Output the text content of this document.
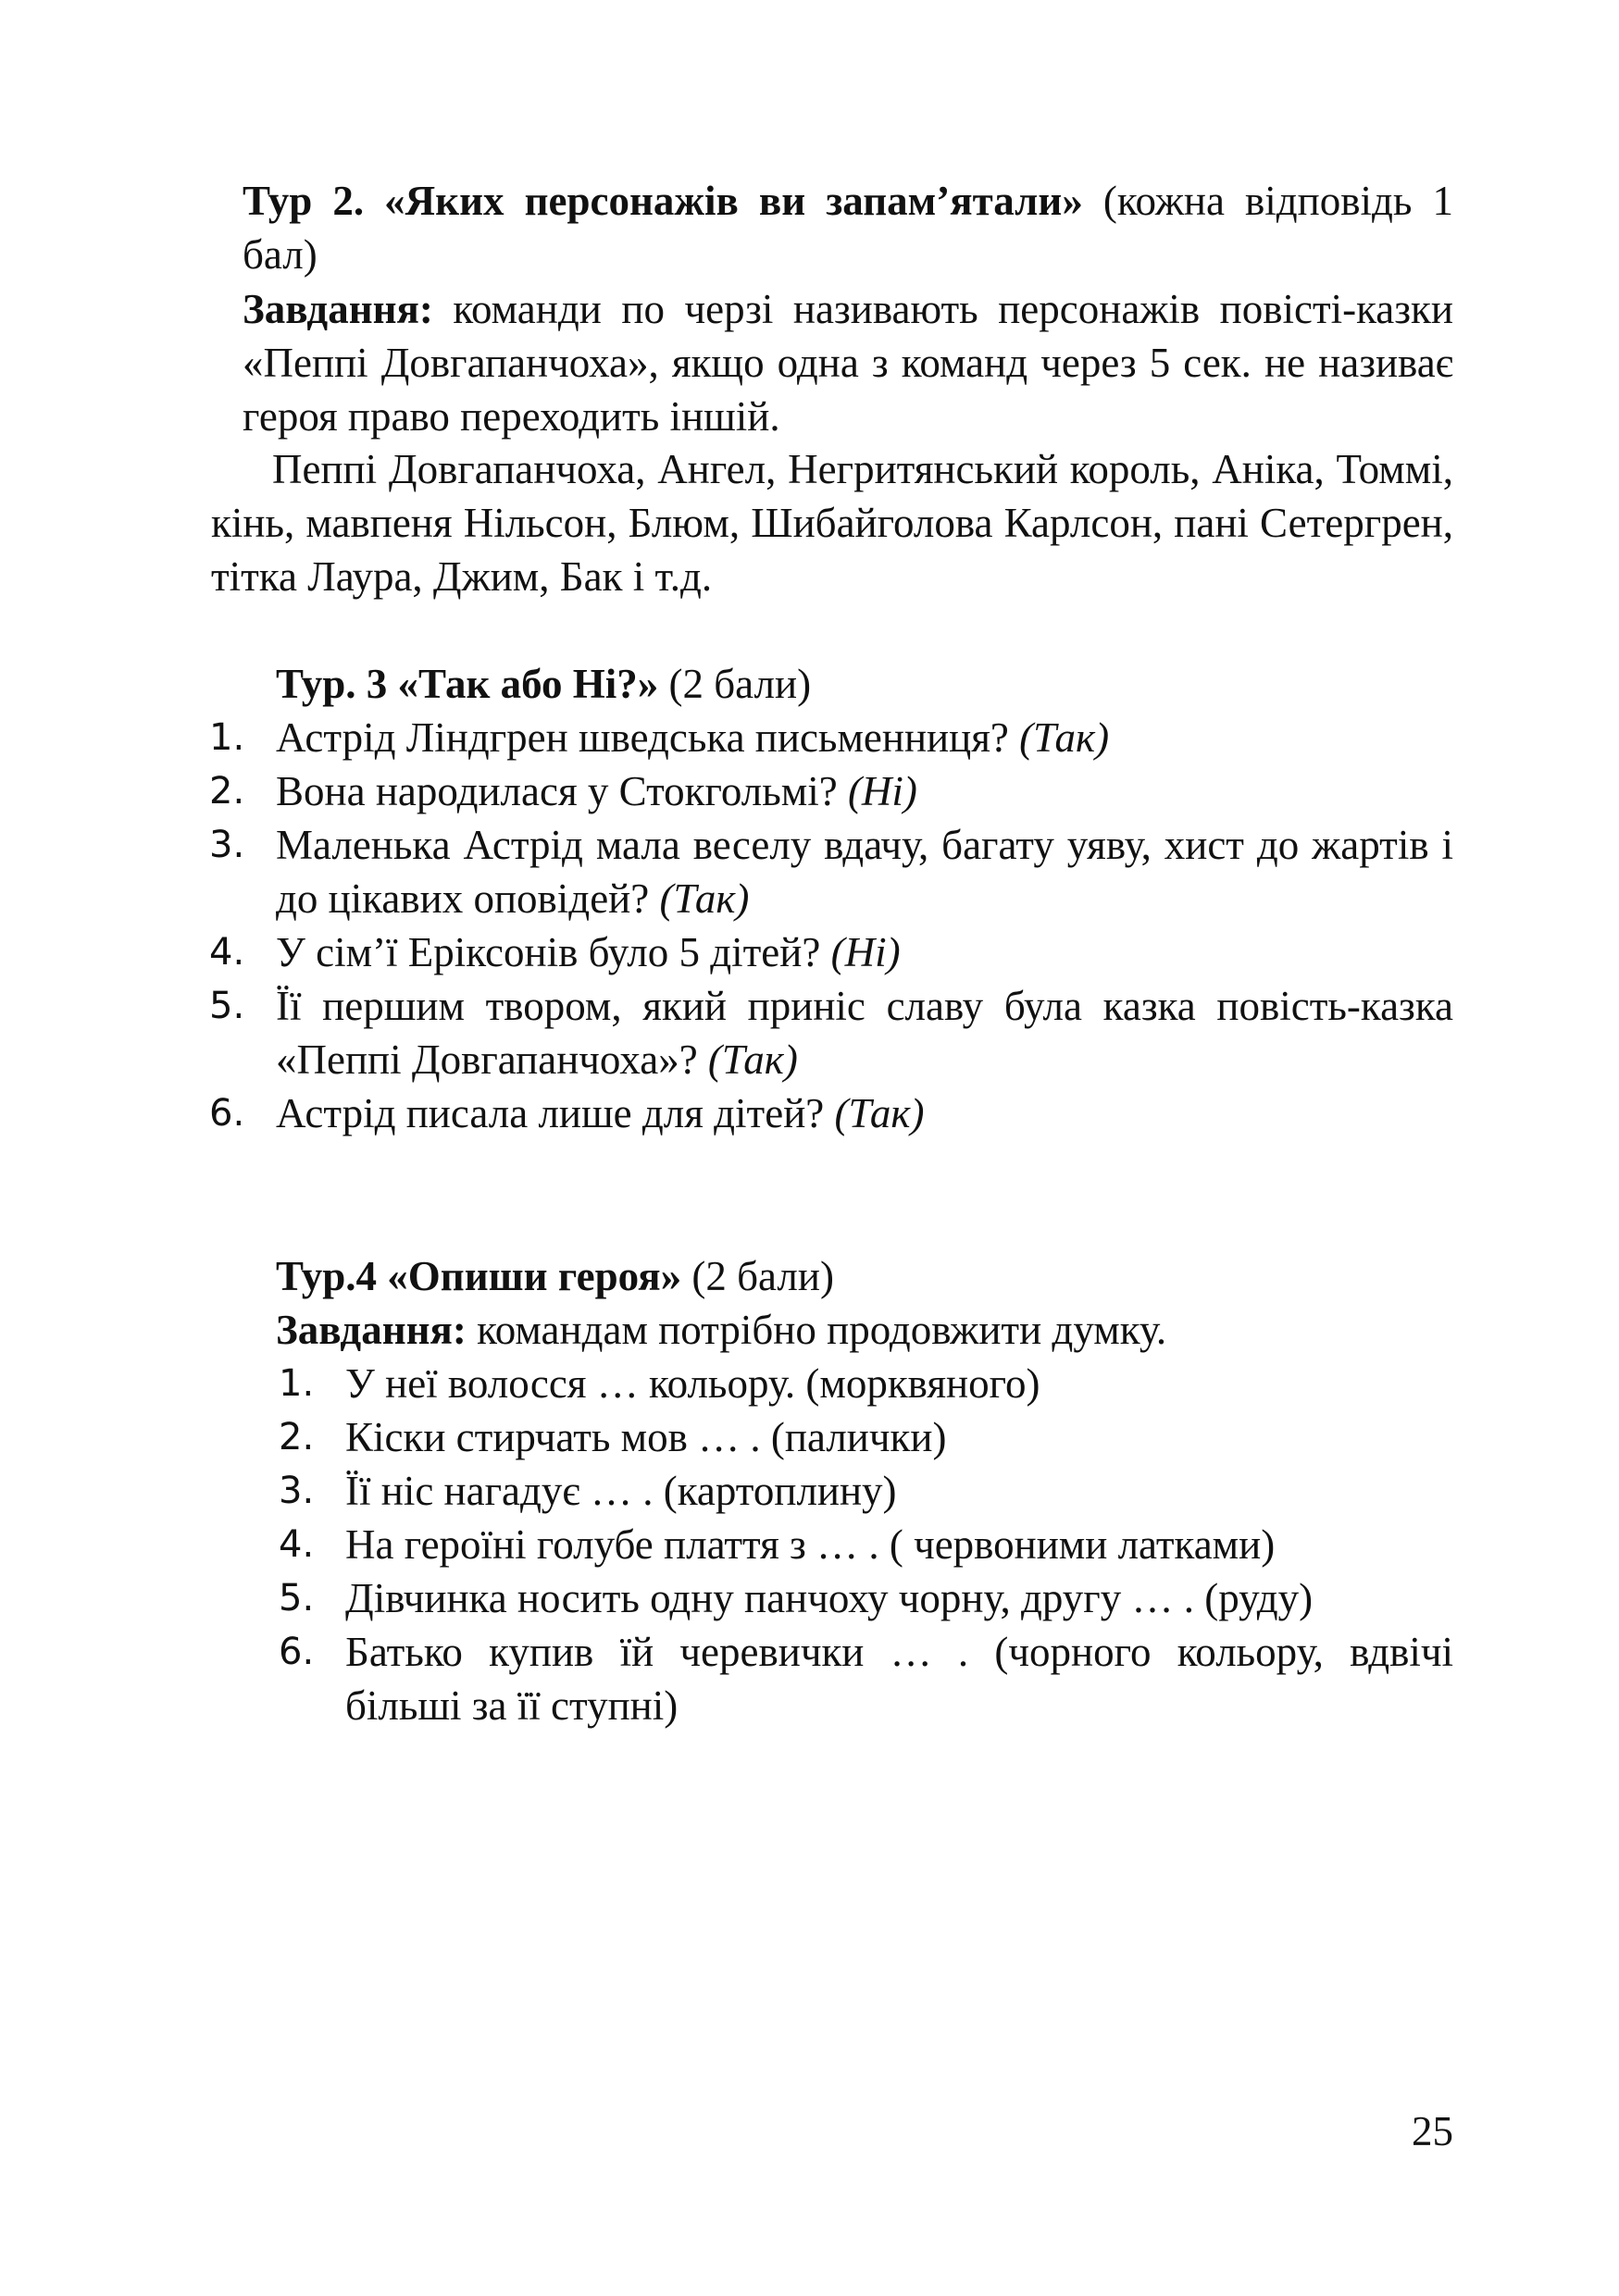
Тур 2. «Яких персонажів ви запам’ятали» (кожна відповідь 1 бал)

Завдання: команди по черзі називають персонажів повісті-казки «Пеппі Довгапанчоха», якщо одна з команд через 5 сек. не називає героя право переходить іншій.

Пеппі Довгапанчоха, Ангел, Негритянський король, Аніка, Томмі, кінь, мавпеня Нільсон, Блюм, Шибайголова Карлсон, пані Сетергрен, тітка Лаура, Джим, Бак і т.д.

Тур. 3 «Так або Ні?» (2 бали)

1. Астрід Ліндгрен шведська письменниця? (Так)
2. Вона народилася у Стокгольмі? (Ні)
3. Маленька Астрід мала веселу вдачу, багату уяву, хист до жартів і до цікавих оповідей? (Так)
4. У сім’ї Еріксонів було 5 дітей? (Ні)
5. Її першим твором, який приніс славу була казка повість-казка «Пеппі Довгапанчоха»? (Так)
6. Астрід писала лише для дітей? (Так)

Тур.4 «Опиши героя» (2 бали)

Завдання: командам потрібно продовжити думку.

1. У неї волосся … кольору. (морквяного)
2. Кіски стирчать мов … . (палички)
3. Її ніс нагадує … . (картоплину)
4. На героїні голубе плаття з … . ( червоними латками)
5. Дівчинка носить одну панчоху чорну, другу … . (руду)
6. Батько купив їй черевички … . (чорного кольору, вдвічі більші за її ступні)
25
